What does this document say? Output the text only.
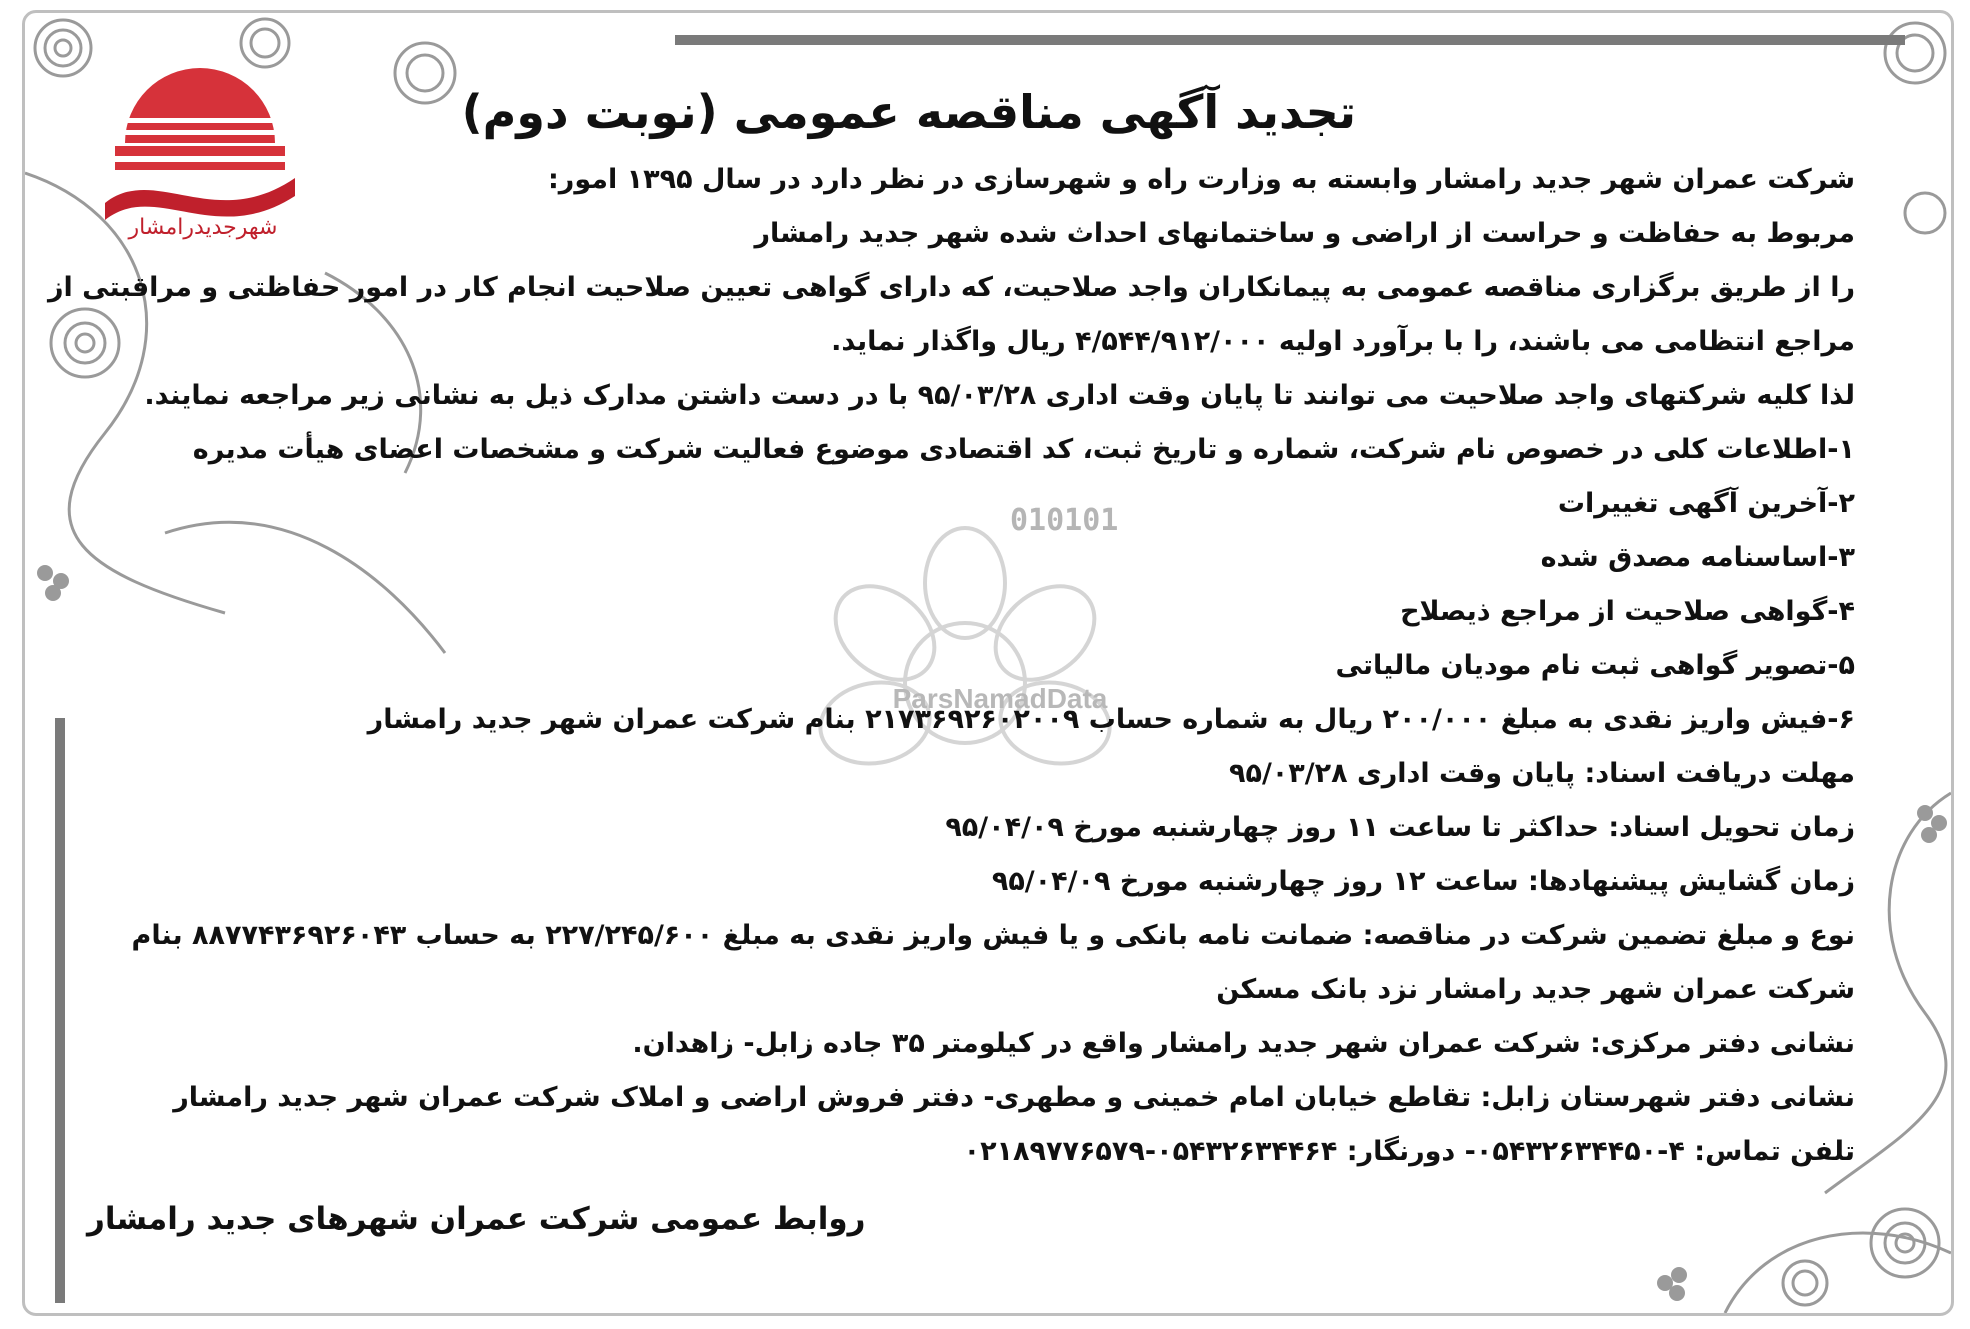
شهرجدیدرامشار
010101
ParsNamadData
تجدید آگهی مناقصه عمومی (نوبت دوم)
شرکت عمران شهر جدید رامشار وابسته به وزارت راه و شهرسازی در نظر دارد در سال ۱۳۹۵ امور:
مربوط به حفاظت و حراست از اراضی و ساختمانهای احداث شده شهر جدید رامشار
را از طریق برگزاری مناقصه عمومی به پیمانکاران واجد صلاحیت، که دارای گواهی تعیین صلاحیت انجام کار در امور حفاظتی و مراقبتی از
مراجع انتظامی می باشند، را با برآورد اولیه ۴/۵۴۴/۹۱۲/۰۰۰ ریال واگذار نماید.
لذا کلیه شرکتهای واجد صلاحیت می توانند تا پایان وقت اداری ۹۵/۰۳/۲۸ با در دست داشتن مدارک ذیل به نشانی زیر مراجعه نمایند.
۱-اطلاعات کلی در خصوص نام شرکت، شماره و تاریخ ثبت، کد اقتصادی موضوع فعالیت شرکت و مشخصات اعضای هیأت مدیره
۲-آخرین آگهی تغییرات
۳-اساسنامه مصدق شده
۴-گواهی صلاحیت از مراجع ذیصلاح
۵-تصویر گواهی ثبت نام مودیان مالیاتی
۶-فیش واریز نقدی به مبلغ ۲۰۰/۰۰۰ ریال به شماره حساب ۲۱۷۳۶۹۲۶۰۲۰۰۹ بنام شرکت عمران شهر جدید رامشار
مهلت دریافت اسناد: پایان وقت اداری ۹۵/۰۳/۲۸
زمان تحویل اسناد: حداکثر تا ساعت ۱۱ روز چهارشنبه مورخ ۹۵/۰۴/۰۹
زمان گشایش پیشنهادها: ساعت ۱۲ روز چهارشنبه مورخ ۹۵/۰۴/۰۹
نوع و مبلغ تضمین شرکت در مناقصه: ضمانت نامه بانکی و یا فیش واریز نقدی به مبلغ ۲۲۷/۲۴۵/۶۰۰ به حساب ۸۸۷۷۴۳۶۹۲۶۰۴۳ بنام
شرکت عمران شهر جدید رامشار نزد بانک مسکن
نشانی دفتر مرکزی: شرکت عمران شهر جدید رامشار واقع در کیلومتر ۳۵ جاده زابل- زاهدان.
نشانی دفتر شهرستان زابل: تقاطع خیابان امام خمینی و مطهری- دفتر فروش اراضی و املاک شرکت عمران شهر جدید رامشار
تلفن تماس: ۴-۰۵۴۳۲۶۳۴۴۵۰- دورنگار: ۰۵۴۳۲۶۳۴۴۶۴-۰۲۱۸۹۷۷۶۵۷۹
روابط عمومی شرکت عمران شهرهای جدید رامشار
